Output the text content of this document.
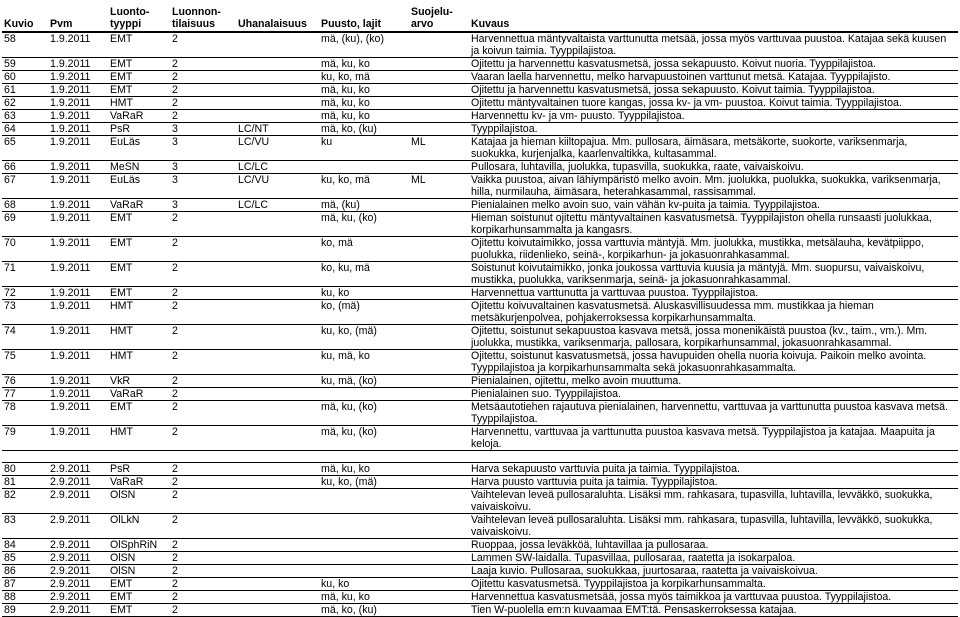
Kuvio	Pvm	Luonto-tyyppi	Luonnon-tilaisuus	Uhanalaisuus	Puusto, lajit	Suojelu-arvo	Kuvaus
58	1.9.2011	EMT	2		mä, (ku), (ko)		Harvennettua mäntyvaltaista varttunutta metsää, jossa myös varttuvaa puustoa. Katajaa sekä kuusen ja koivun taimia. Tyyppilajistoa.
59	1.9.2011	EMT	2		mä, ku, ko		Ojitettu ja harvennettu kasvatusmetsä, jossa sekapuusto. Koivut nuoria. Tyyppilajistoa.
60	1.9.2011	EMT	2		ku, ko, mä		Vaaran laella harvennettu, melko harvapuustoinen varttunut metsä. Katajaa. Tyyppilajisto.
61	1.9.2011	EMT	2		mä, ku, ko		Ojitettu ja harvennettu kasvatusmetsä, jossa sekapuusto. Koivut taimia. Tyyppilajistoa.
62	1.9.2011	HMT	2		mä, ku, ko		Ojitettu mäntyvaltainen tuore kangas, jossa kv- ja vm- puustoa. Koivut taimia. Tyyppilajistoa.
63	1.9.2011	VaRaR	2		mä, ku, ko		Harvennettu kv- ja vm- puusto. Tyyppilajistoa.
64	1.9.2011	PsR	3	LC/NT	mä, ko, (ku)		Tyyppilajistoa.
65	1.9.2011	EuLäs	3	LC/VU	ku	ML	Katajaa ja hieman kiiltopajua. Mm. pullosara, äimäsara, metsäkorte, suokorte, variksenmarja, suokukka, kurjenjalka, kaarlenvaltikka, kultasammal.
66	1.9.2011	MeSN	3	LC/LC			Pullosara, luhtavilla, juolukka, tupasvilla, suokukka, raate, vaivaiskoivu.
67	1.9.2011	EuLäs	3	LC/VU	ku, ko, mä	ML	Vaikka puustoa, aivan lähiympäristö melko avoin. Mm. juolukka, puolukka, suokukka, variksenmarja, hilla, nurmilauha, äimäsara, heterahkasammal, rassisammal.
68	1.9.2011	VaRaR	3	LC/LC	mä, (ku)		Pienialainen melko avoin suo, vain vähän kv-puita ja taimia. Tyyppilajistoa.
69	1.9.2011	EMT	2		mä, ku, (ko)		Hieman soistunut ojitettu mäntyvaltainen kasvatusmetsä. Tyyppilajiston ohella runsaasti juolukkaa, korpikarhunsammalta ja kangasrs.
70	1.9.2011	EMT	2		ko, mä		Ojitettu koivutaimikko, jossa varttuvia mäntyjä. Mm. juolukka, mustikka, metsälauha, kevätpiippo, puolukka, riidenlieko, seinä-, korpikarhun- ja jokasuonrahkasammal.
71	1.9.2011	EMT	2		ko, ku, mä		Soistunut koivutaimikko, jonka joukossa varttuvia kuusia ja mäntyjä. Mm. suopursu, vaivaiskoivu, mustikka, puolukka, variksenmarja, seinä- ja jokasuonrahkasammal.
72	1.9.2011	EMT	2		ku, ko		Harvennettua varttunutta ja varttuvaa puustoa. Tyyppilajistoa.
73	1.9.2011	HMT	2		ko, (mä)		Ojitettu koivuvaltainen kasvatusmetsä. Aluskasvillisuudessa mm. mustikkaa ja hieman metsäkurjenpolvea, pohjakerroksessa korpikarhunsammalta.
74	1.9.2011	HMT	2		ku, ko, (mä)		Ojitettu, soistunut sekapuustoa kasvava metsä, jossa monenikäistä puustoa (kv., taim., vm.). Mm. juolukka, mustikka, variksenmarja, pallosara, korpikarhunsammal, jokasuonrahkasammal.
75	1.9.2011	HMT	2		ku, mä, ko		Ojitettu, soistunut kasvatusmetsä, jossa havupuiden ohella nuoria koivuja. Paikoin melko avointa. Tyyppilajistoa ja korpikarhunsammalta sekä jokasuonrahkasammalta.
76	1.9.2011	VkR	2		ku, mä, (ko)		Pienialainen, ojitettu, melko avoin muuttuma.
77	1.9.2011	VaRaR	2				Pienialainen suo. Tyyppilajistoa.
78	1.9.2011	EMT	2		mä, ku, (ko)		Metsäautotiehen rajautuva pienialainen, harvennettu, varttuvaa ja varttunutta puustoa kasvava metsä. Tyyppilajistoa.
79	1.9.2011	HMT	2		mä, ku, (ko)		Harvennettu, varttuvaa ja varttunutta puustoa kasvava metsä. Tyyppilajistoa ja katajaa. Maapuita ja keloja.

80	2.9.2011	PsR	2		mä, ku, ko		Harva sekapuusto varttuvia puita ja taimia. Tyyppilajistoa.
81	2.9.2011	VaRaR	2		ku, ko, (mä)		Harva puusto varttuvia puita ja taimia. Tyyppilajistoa.
82	2.9.2011	OlSN	2				Vaihtelevan leveä pullosaraluhta. Lisäksi mm. rahkasara, tupasvilla, luhtavilla, levväkkö, suokukka, vaivaiskoivu.
83	2.9.2011	OlLkN	2				Vaihtelevan leveä pullosaraluhta. Lisäksi mm. rahkasara, tupasvilla, luhtavilla, levväkkö, suokukka, vaivaiskoivu.
84	2.9.2011	OlSphRiN	2				Ruoppaa, jossa leväkköä, luhtavillaa ja pullosaraa.
85	2.9.2011	OlSN	2				Lammen SW-laidalla. Tupasvillaa, pullosaraa, raatetta ja isokarpaloa.
86	2.9.2011	OlSN	2				Laaja kuvio. Pullosaraa, suokukkaa, juurtosaraa, raatetta ja vaivaiskoivua.
87	2.9.2011	EMT	2		ku, ko		Ojitettu kasvatusmetsä. Tyyppilajistoa ja korpikarhunsammalta.
88	2.9.2011	EMT	2		mä, ku, ko		Harvennettua kasvatusmetsää, jossa myös taimikkoa ja varttuvaa puustoa. Tyyppilajistoa.
89	2.9.2011	EMT	2		mä, ko, (ku)		Tien W-puolella em:n kuvaamaa EMT:tä. Pensaskerroksessa katajaa.
